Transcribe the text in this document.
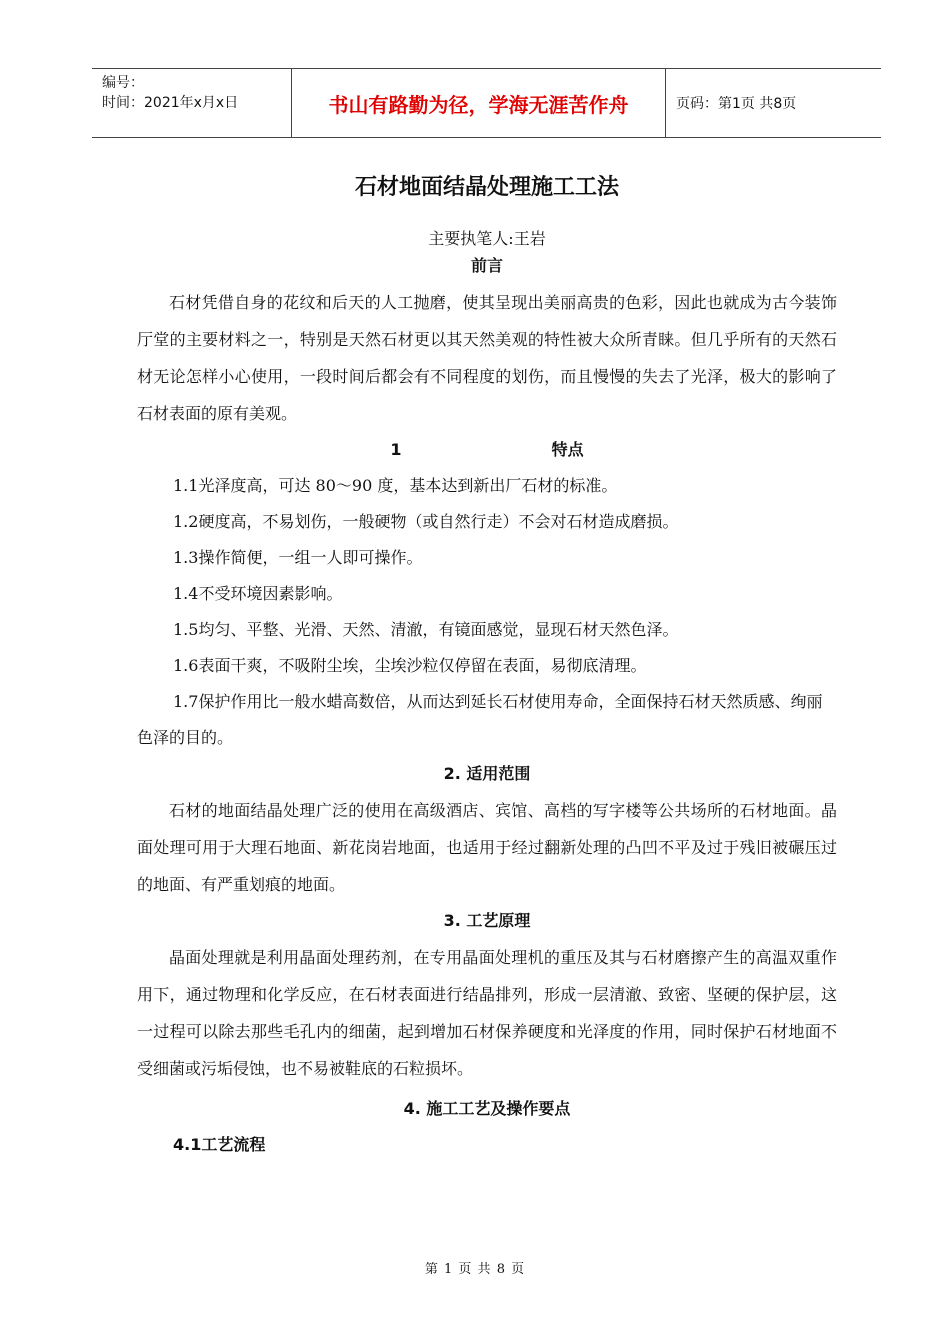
编号：
时间：2021年x月x日	书山有路勤为径，学海无涯苦作舟	页码：第1页 共8页
石材地面结晶处理施工工法
主要执笔人:王岩
前言

石材凭借自身的花纹和后天的人工抛磨，使其呈现出美丽高贵的色彩，因此也就成为古今装饰厅堂的主要材料之一，特别是天然石材更以其天然美观的特性被大众所青睐。但几乎所有的天然石材无论怎样小心使用，一段时间后都会有不同程度的划伤，而且慢慢的失去了光泽，极大的影响了石材表面的原有美观。

1	特点
1.1光泽度高，可达 80～90 度，基本达到新出厂石材的标准。
1.2硬度高，不易划伤，一般硬物（或自然行走）不会对石材造成磨损。
1.3操作简便，一组一人即可操作。
1.4不受环境因素影响。
1.5均匀、平整、光滑、天然、清澈，有镜面感觉，显现石材天然色泽。
1.6表面干爽，不吸附尘埃，尘埃沙粒仅停留在表面，易彻底清理。
1.7保护作用比一般水蜡高数倍，从而达到延长石材使用寿命，全面保持石材天然质感、绚丽色泽的目的。
2. 适用范围

石材的地面结晶处理广泛的使用在高级酒店、宾馆、高档的写字楼等公共场所的石材地面。晶面处理可用于大理石地面、新花岗岩地面，也适用于经过翻新处理的凸凹不平及过于残旧被碾压过的地面、有严重划痕的地面。

3. 工艺原理

晶面处理就是利用晶面处理药剂，在专用晶面处理机的重压及其与石材磨擦产生的高温双重作用下，通过物理和化学反应，在石材表面进行结晶排列，形成一层清澈、致密、坚硬的保护层，这一过程可以除去那些毛孔内的细菌，起到增加石材保养硬度和光泽度的作用，同时保护石材地面不受细菌或污垢侵蚀，也不易被鞋底的石粒损坏。

4. 施工工艺及操作要点
4.1工艺流程
第 1 页 共 8 页
